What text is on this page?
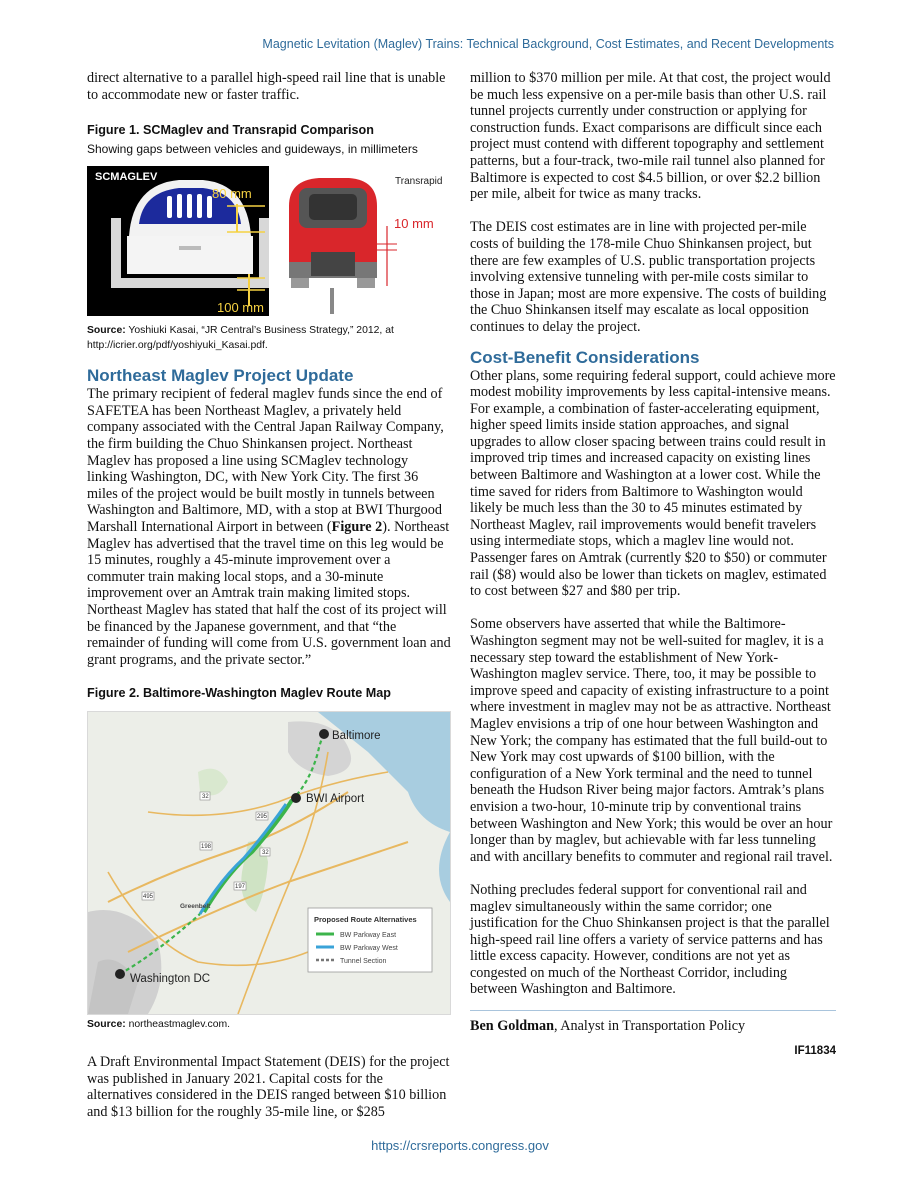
Magnetic Levitation (Maglev) Trains: Technical Background, Cost Estimates, and Recent Developments

direct alternative to a parallel high-speed rail line that is unable to accommodate new or faster traffic.

Figure 1. SCMaglev and Transrapid Comparison
Showing gaps between vehicles and guideways, in millimeters
SCMAGLEV
80 mm
100 mm
Transrapid
10 mm
Source: Yoshiuki Kasai, “JR Central’s Business Strategy,” 2012, at http://icrier.org/pdf/yoshiyuki_Kasai.pdf.
Northeast Maglev Project Update

The primary recipient of federal maglev funds since the end of SAFETEA has been Northeast Maglev, a privately held company associated with the Central Japan Railway Company, the firm building the Chuo Shinkansen project. Northeast Maglev has proposed a line using SCMaglev technology linking Washington, DC, with New York City. The first 36 miles of the project would be built mostly in tunnels between Washington and Baltimore, MD, with a stop at BWI Thurgood Marshall International Airport in between (Figure 2). Northeast Maglev has advertised that the travel time on this leg would be 15 minutes, roughly a 45-minute improvement over a commuter train making local stops, and a 30-minute improvement over an Amtrak train making limited stops. Northeast Maglev has stated that half the cost of its project will be financed by the Japanese government, and that “the remainder of funding will come from U.S. government loan and grant programs, and the private sector.”

Figure 2. Baltimore-Washington Maglev Route Map
32
295
198
32
197
495
Greenbelt
Baltimore
BWI Airport
Washington DC
Proposed Route Alternatives
BW Parkway East
BW Parkway West
Tunnel Section
Source: northeastmaglev.com.

A Draft Environmental Impact Statement (DEIS) for the project was published in January 2021. Capital costs for the alternatives considered in the DEIS ranged between $10 billion and $13 billion for the roughly 35-mile line, or $285

million to $370 million per mile. At that cost, the project would be much less expensive on a per-mile basis than other U.S. rail tunnel projects currently under construction or applying for construction funds. Exact comparisons are difficult since each project must contend with different topography and settlement patterns, but a four-track, two-mile rail tunnel also planned for Baltimore is expected to cost $4.5 billion, or over $2.2 billion per mile, albeit for twice as many tracks.

The DEIS cost estimates are in line with projected per-mile costs of building the 178-mile Chuo Shinkansen project, but there are few examples of U.S. public transportation projects involving extensive tunneling with per-mile costs similar to those in Japan; most are more expensive. The costs of building the Chuo Shinkansen itself may escalate as local opposition continues to delay the project.

Cost-Benefit Considerations

Other plans, some requiring federal support, could achieve more modest mobility improvements by less capital-intensive means. For example, a combination of faster-accelerating equipment, higher speed limits inside station approaches, and signal upgrades to allow closer spacing between trains could result in improved trip times and increased capacity on existing lines between Baltimore and Washington at a lower cost. While the time saved for riders from Baltimore to Washington would likely be much less than the 30 to 45 minutes estimated by Northeast Maglev, rail improvements would benefit travelers using intermediate stops, which a maglev line would not. Passenger fares on Amtrak (currently $20 to $50) or commuter rail ($8) would also be lower than tickets on maglev, estimated to cost between $27 and $80 per trip.

Some observers have asserted that while the Baltimore-Washington segment may not be well-suited for maglev, it is a necessary step toward the establishment of New York-Washington maglev service. There, too, it may be possible to improve speed and capacity of existing infrastructure to a point where investment in maglev may not be as attractive. Northeast Maglev envisions a trip of one hour between Washington and New York; the company has estimated that the full build-out to New York may cost upwards of $100 billion, with the configuration of a New York terminal and the need to tunnel beneath the Hudson River being major factors. Amtrak’s plans envision a two-hour, 10-minute trip by conventional trains between Washington and New York; this would be over an hour longer than by maglev, but achievable with far less tunneling and with ancillary benefits to commuter and regional rail travel.

Nothing precludes federal support for conventional rail and maglev simultaneously within the same corridor; one justification for the Chuo Shinkansen project is that the parallel high-speed rail line offers a variety of service patterns and has little excess capacity. However, conditions are not yet as congested on much of the Northeast Corridor, including between Washington and Baltimore.

Ben Goldman, Analyst in Transportation Policy
IF11834
https://crsreports.congress.gov
